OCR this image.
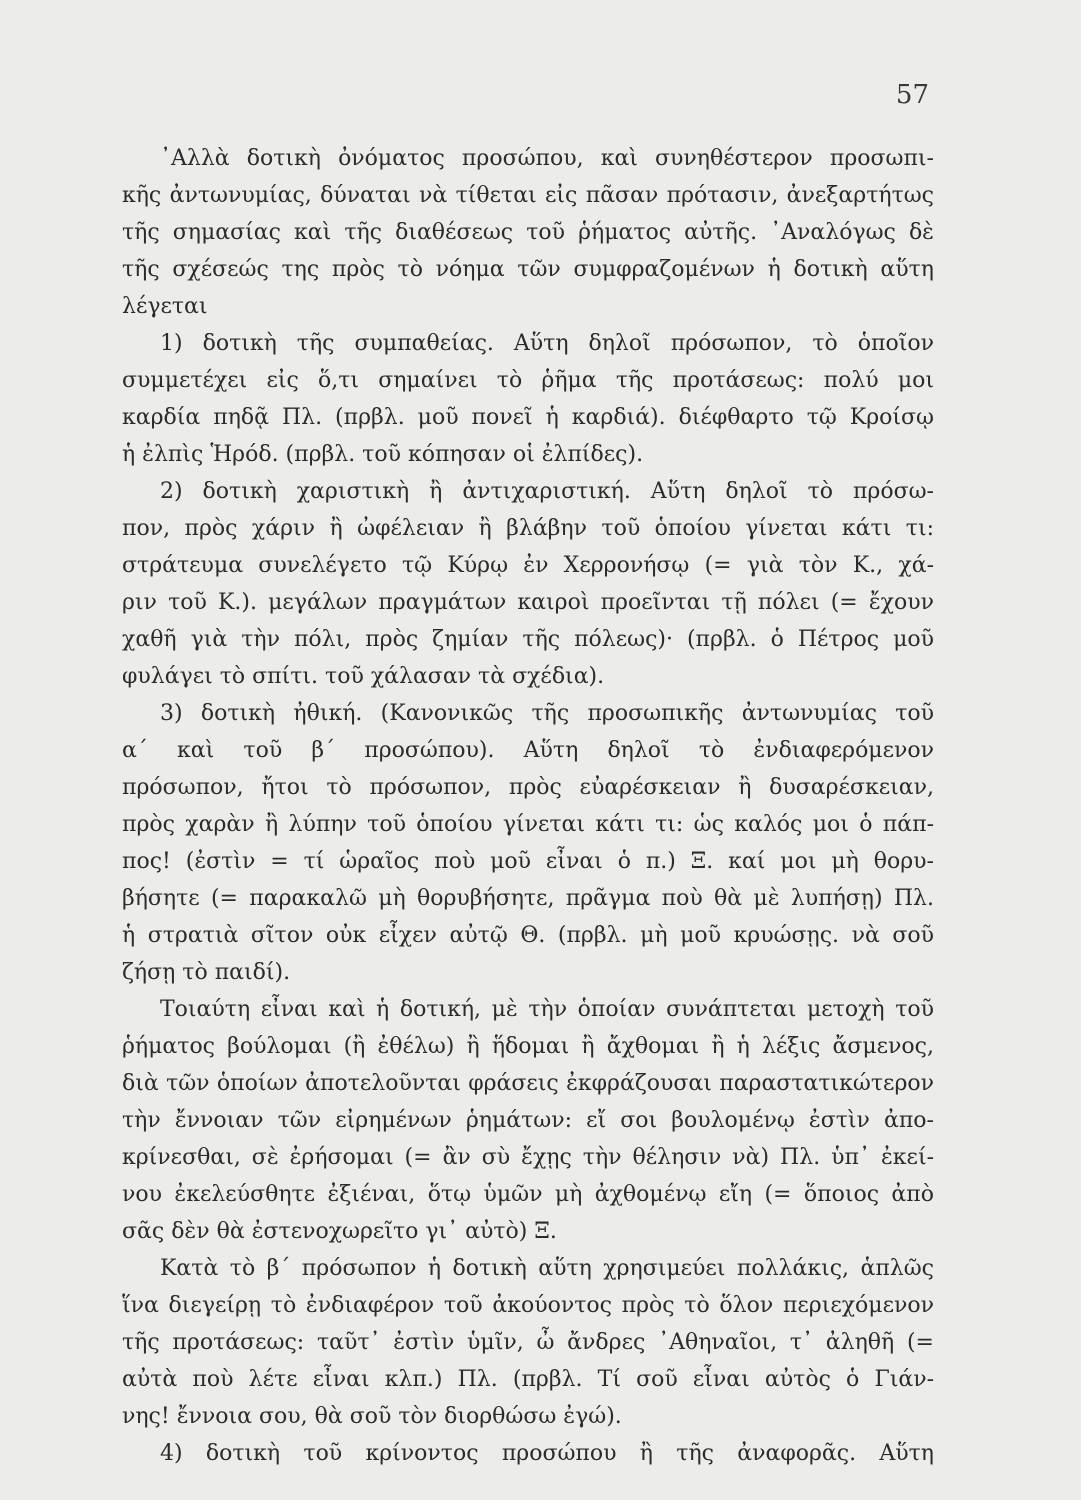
57
᾽Αλλὰ δοτικὴ ὀνόματος προσώπου, καὶ συνηθέστερον προσωπι-
κῆς ἀντωνυμίας, δύναται νὰ τίθεται εἰς πᾶσαν πρότασιν, ἀνεξαρτήτως
τῆς σημασίας καὶ τῆς διαθέσεως τοῦ ῥήματος αὐτῆς. ᾽Αναλόγως δὲ
τῆς σχέσεώς της πρὸς τὸ νόημα τῶν συμφραζομένων ἡ δοτικὴ αὕτη
λέγεται
1) δοτικὴ τῆς συμπαθείας. Αὕτη δηλοῖ πρόσωπον, τὸ ὁποῖον
συμμετέχει εἰς ὅ,τι σημαίνει τὸ ῥῆμα τῆς προτάσεως: πολύ μοι
καρδία πηδᾷ Πλ. (πρβλ. μοῦ πονεῖ ἡ καρδιά). διέφθαρτο τῷ Κροίσῳ
ἡ ἐλπὶς Ἡρόδ. (πρβλ. τοῦ κόπησαν οἱ ἐλπίδες).
2) δοτικὴ χαριστικὴ ἢ ἀντιχαριστική. Αὕτη δηλοῖ τὸ πρόσω-
πον, πρὸς χάριν ἢ ὠφέλειαν ἢ βλάβην τοῦ ὁποίου γίνεται κάτι τι:
στράτευμα συνελέγετο τῷ Κύρῳ ἐν Χερρονήσῳ (= γιὰ τὸν Κ., χά-
ριν τοῦ Κ.). μεγάλων πραγμάτων καιροὶ προεῖνται τῇ πόλει (= ἔχουν
χαθῆ γιὰ τὴν πόλι, πρὸς ζημίαν τῆς πόλεως)· (πρβλ. ὁ Πέτρος μοῦ
φυλάγει τὸ σπίτι. τοῦ χάλασαν τὰ σχέδια).
3) δοτικὴ ἠθική. (Κανονικῶς τῆς προσωπικῆς ἀντωνυμίας τοῦ
α΄ καὶ τοῦ β΄ προσώπου). Αὕτη δηλοῖ τὸ ἐνδιαφερόμενον
πρόσωπον, ἤτοι τὸ πρόσωπον, πρὸς εὐαρέσκειαν ἢ δυσαρέσκειαν,
πρὸς χαρὰν ἢ λύπην τοῦ ὁποίου γίνεται κάτι τι: ὡς καλός μοι ὁ πάπ-
πος! (ἐστὶν = τί ὡραῖος ποὺ μοῦ εἶναι ὁ π.) Ξ. καί μοι μὴ θορυ-
βήσητε (= παρακαλῶ μὴ θορυβήσητε, πρᾶγμα ποὺ θὰ μὲ λυπήσῃ) Πλ.
ἡ στρατιὰ σῖτον οὐκ εἶχεν αὐτῷ Θ. (πρβλ. μὴ μοῦ κρυώσῃς. νὰ σοῦ
ζήσῃ τὸ παιδί).
Τοιαύτη εἶναι καὶ ἡ δοτική, μὲ τὴν ὁποίαν συνάπτεται μετοχὴ τοῦ
ῥήματος βούλομαι (ἢ ἐθέλω) ἢ ἥδομαι ἢ ἄχθομαι ἢ ἡ λέξις ἄσμενος,
διὰ τῶν ὁποίων ἀποτελοῦνται φράσεις ἐκφράζουσαι παραστατικώτερον
τὴν ἔννοιαν τῶν εἰρημένων ῥημάτων: εἴ σοι βουλομένῳ ἐστὶν ἀπο-
κρίνεσθαι, σὲ ἐρήσομαι (= ἂν σὺ ἔχῃς τὴν θέλησιν νὰ) Πλ. ὑπ᾽ ἐκεί-
νου ἐκελεύσθητε ἐξιέναι, ὅτῳ ὑμῶν μὴ ἀχθομένῳ εἴη (= ὅποιος ἀπὸ
σᾶς δὲν θὰ ἐστενοχωρεῖτο γι᾽ αὐτὸ) Ξ.
Κατὰ τὸ β΄ πρόσωπον ἡ δοτικὴ αὕτη χρησιμεύει πολλάκις, ἁπλῶς
ἵνα διεγείρῃ τὸ ἐνδιαφέρον τοῦ ἀκούοντος πρὸς τὸ ὅλον περιεχόμενον
τῆς προτάσεως: ταῦτ᾽ ἐστὶν ὑμῖν, ὦ ἄνδρες ᾽Αθηναῖοι, τ᾽ ἀληθῆ (=
αὐτὰ ποὺ λέτε εἶναι κλπ.) Πλ. (πρβλ. Τί σοῦ εἶναι αὐτὸς ὁ Γιάν-
νης! ἔννοια σου, θὰ σοῦ τὸν διορθώσω ἐγώ).
4) δοτικὴ τοῦ κρίνοντος προσώπου ἢ τῆς ἀναφορᾶς. Αὕτη
